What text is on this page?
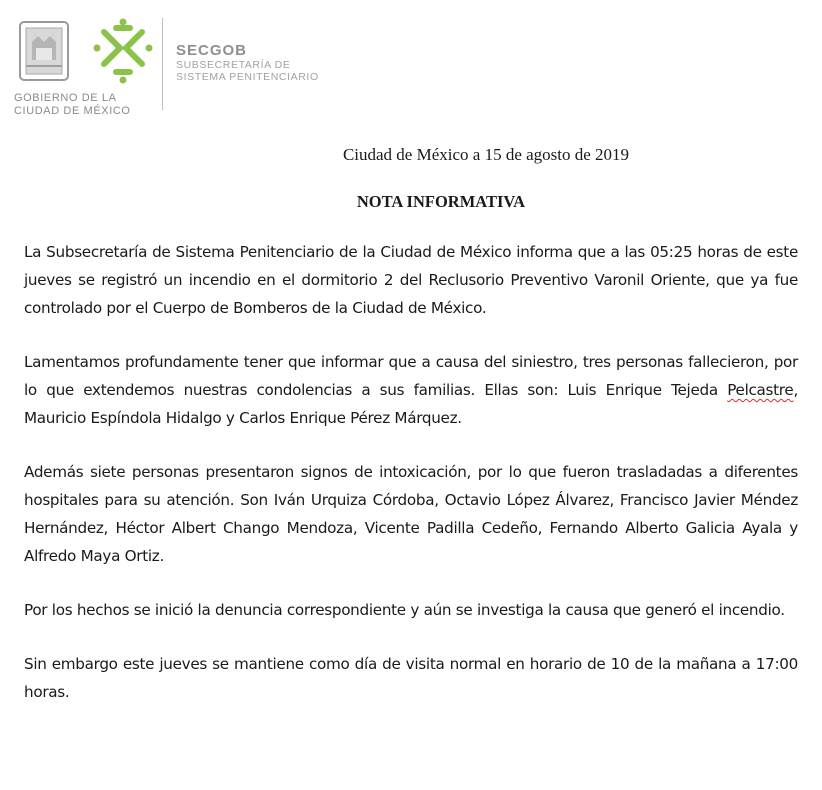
GOBIERNO DE LA
CIUDAD DE MÉXICO
SECGOB
SUBSECRETARÍA DE
SISTEMA PENITENCIARIO
Ciudad de México a 15 de agosto de 2019
NOTA INFORMATIVA

La Subsecretaría de Sistema Penitenciario de la Ciudad de México informa que a las 05:25 horas de este jueves se registró un incendio en el dormitorio 2 del Reclusorio Preventivo Varonil Oriente, que ya fue controlado por el Cuerpo de Bomberos de la Ciudad de México.

Lamentamos profundamente tener que informar que a causa del siniestro, tres personas fallecieron, por lo que extendemos nuestras condolencias a sus familias. Ellas son: Luis Enrique Tejeda Pelcastre, Mauricio Espíndola Hidalgo y Carlos Enrique Pérez Márquez.

Además siete personas presentaron signos de intoxicación, por lo que fueron trasladadas a diferentes hospitales para su atención. Son Iván Urquiza Córdoba, Octavio López Álvarez, Francisco Javier Méndez Hernández, Héctor Albert Chango Mendoza, Vicente Padilla Cedeño, Fernando Alberto Galicia Ayala y Alfredo Maya Ortiz.

Por los hechos se inició la denuncia correspondiente y aún se investiga la causa que generó el incendio.

Sin embargo este jueves se mantiene como día de visita normal en horario de 10 de la mañana a 17:00 horas.
